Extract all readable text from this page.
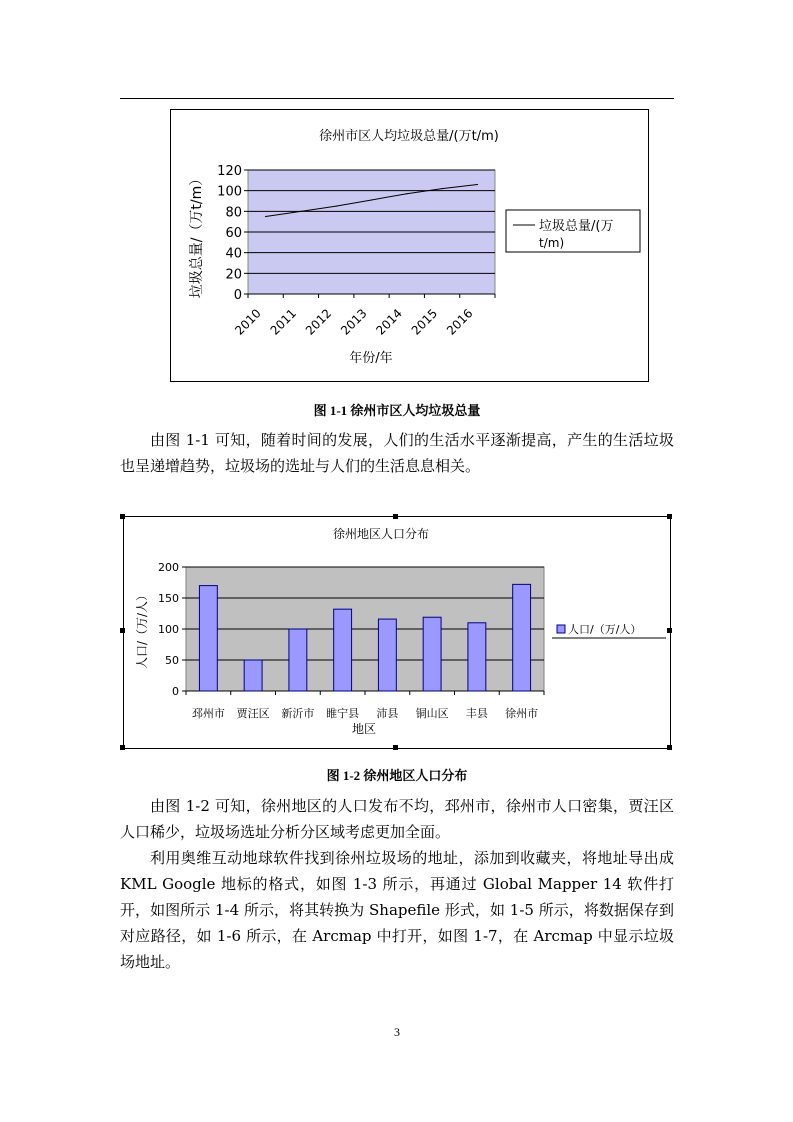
徐州市区人均垃圾总量/(万t/m)
0
20
40
60
80
100
120
2010 2011 2012 2013 2014 2015 2016
垃圾总量/（万t/m）
年份/年
垃圾总量/(万
t/m)
图 1-1 徐州市区人均垃圾总量

由图 1-1 可知，随着时间的发展，人们的生活水平逐渐提高，产生的生活垃圾也呈递增趋势，垃圾场的选址与人们的生活息息相关。

徐州地区人口分布
0
50
100
150
200
邳州市 贾汪区 新沂市 睢宁县 沛县 铜山区 丰县 徐州市
人口/（万/人）
地区
人口/（万/人）
图 1-2 徐州地区人口分布

由图 1-2 可知，徐州地区的人口发布不均，邳州市，徐州市人口密集，贾汪区人口稀少，垃圾场选址分析分区域考虑更加全面。

利用奥维互动地球软件找到徐州垃圾场的地址，添加到收藏夹，将地址导出成 KML Google 地标的格式，如图 1-3 所示，再通过 Global Mapper 14 软件打开，如图所示 1-4 所示，将其转换为 Shapefile 形式，如 1-5 所示，将数据保存到对应路径，如 1-6 所示，在 Arcmap 中打开，如图 1-7，在 Arcmap 中显示垃圾场地址。

3
